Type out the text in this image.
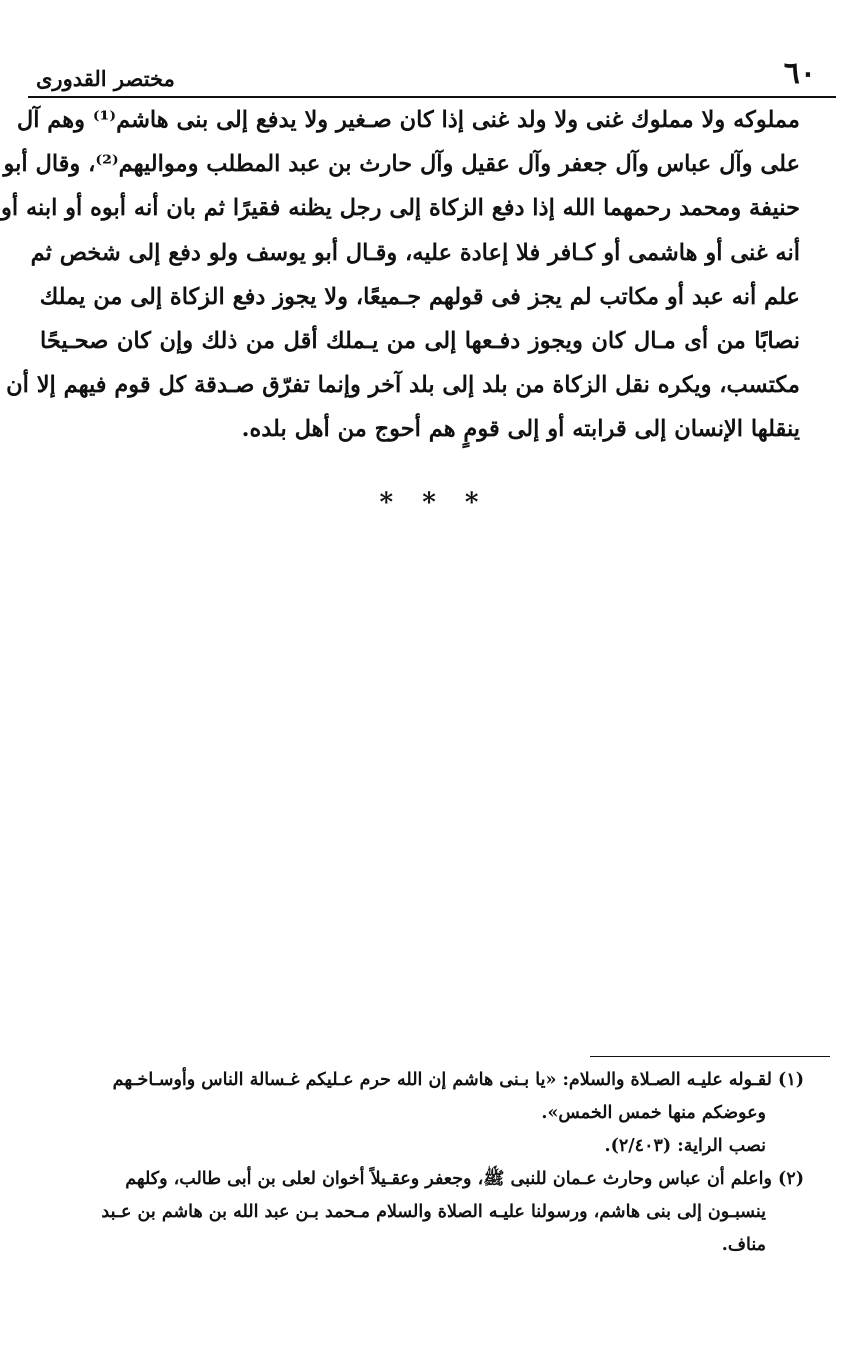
٦٠
مختصر القدورى
مملوكه ولا مملوك غنى ولا ولد غنى إذا كان صـغير ولا يدفع إلى بنى هاشم⁽¹⁾ وهم آل
على وآل عباس وآل جعفر وآل عقيل وآل حارث بن عبد المطلب ومواليهم⁽²⁾، وقال أبو
حنيفة ومحمد رحمهما الله إذا دفع الزكاة إلى رجل يظنه فقيرًا ثم بان أنه أبوه أو ابنه أو
أنه غنى أو هاشمى أو كـافر فلا إعادة عليه، وقـال أبو يوسف ولو دفع إلى شخص ثم
علم أنه عبد أو مكاتب لم يجز فى قولهم جـميعًا، ولا يجوز دفع الزكاة إلى من يملك
نصابًا من أى مـال كان ويجوز دفـعها إلى من يـملك أقل من ذلك وإن كان صحـيحًا
مكتسب، ويكره نقل الزكاة من بلد إلى بلد آخر وإنما تفرّق صـدقة كل قوم فيهم إلا أن
ينقلها الإنسان إلى قرابته أو إلى قومٍ هم أحوج من أهل بلده.
* * *
(١) لقـوله عليـه الصـلاة والسلام: «يا بـنى هاشم إن الله حرم عـليكم غـسالة الناس وأوسـاخـهم
وعوضكم منها خمس الخمس».
نصب الراية: (٢/٤٠٣).
(٢) واعلم أن عباس وحارث عـمان للنبى ﷺ، وجعفر وعقـيلاً أخوان لعلى بن أبى طالب، وكلهم
ينسبـون إلى بنى هاشم، ورسولنا عليـه الصلاة والسلام مـحمد بـن عبد الله بن هاشم بن عـبد
مناف.
